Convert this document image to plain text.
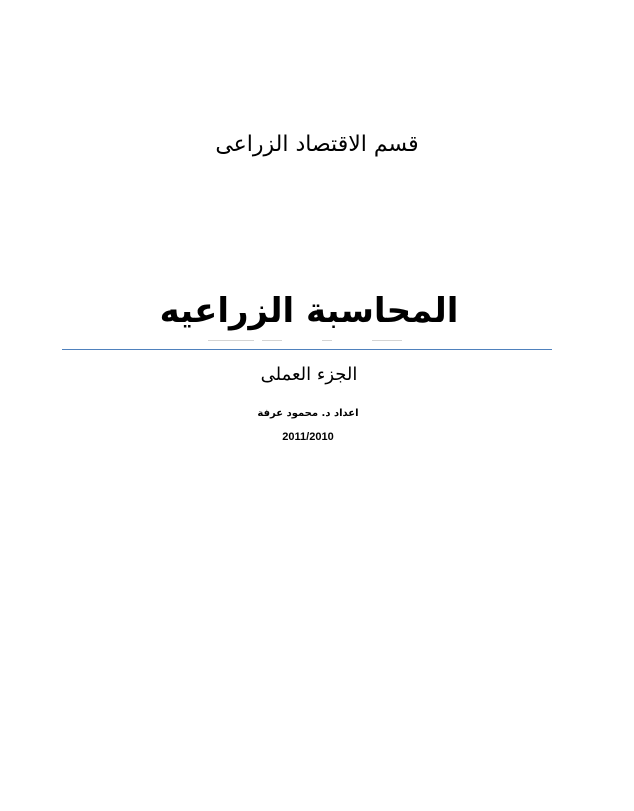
قسم الاقتصاد الزراعى
المحاسبة الزراعيه
الجزء العملى
اعداد د. محمود عرفة
2011/2010
